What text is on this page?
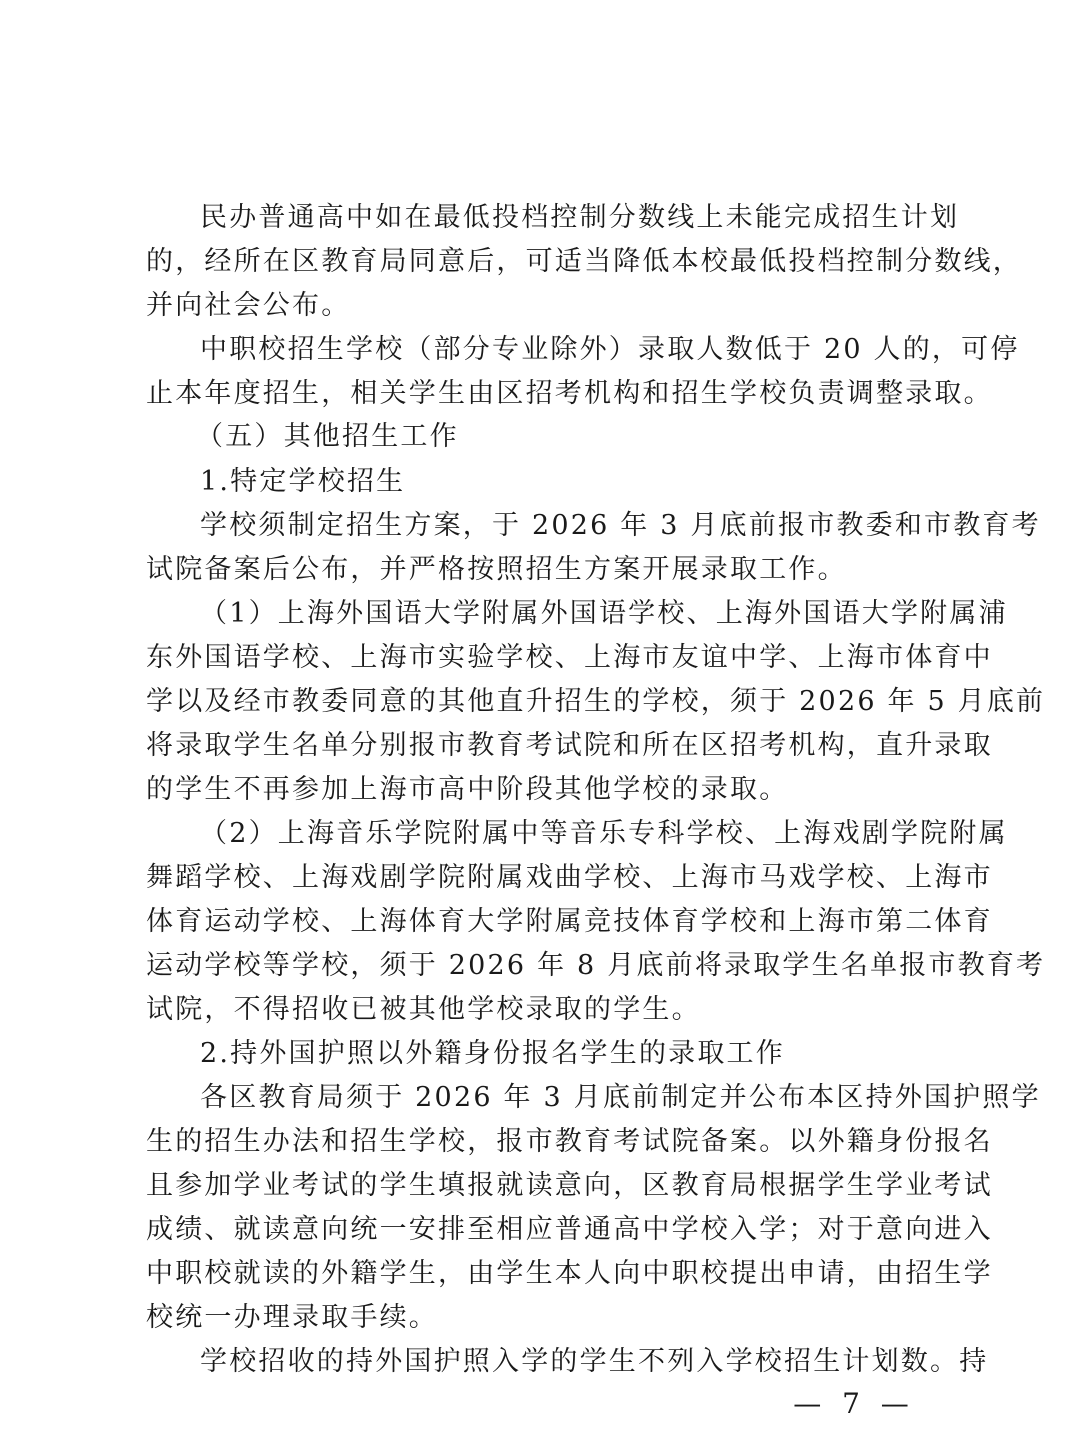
民办普通高中如在最低投档控制分数线上未能完成招生计划
的，经所在区教育局同意后，可适当降低本校最低投档控制分数线，
并向社会公布。
中职校招生学校（部分专业除外）录取人数低于 20 人的，可停
止本年度招生，相关学生由区招考机构和招生学校负责调整录取。
（五）其他招生工作
1.特定学校招生
学校须制定招生方案，于 2026 年 3 月底前报市教委和市教育考
试院备案后公布，并严格按照招生方案开展录取工作。
（1）上海外国语大学附属外国语学校、上海外国语大学附属浦
东外国语学校、上海市实验学校、上海市友谊中学、上海市体育中
学以及经市教委同意的其他直升招生的学校，须于 2026 年 5 月底前
将录取学生名单分别报市教育考试院和所在区招考机构，直升录取
的学生不再参加上海市高中阶段其他学校的录取。
（2）上海音乐学院附属中等音乐专科学校、上海戏剧学院附属
舞蹈学校、上海戏剧学院附属戏曲学校、上海市马戏学校、上海市
体育运动学校、上海体育大学附属竞技体育学校和上海市第二体育
运动学校等学校，须于 2026 年 8 月底前将录取学生名单报市教育考
试院，不得招收已被其他学校录取的学生。
2.持外国护照以外籍身份报名学生的录取工作
各区教育局须于 2026 年 3 月底前制定并公布本区持外国护照学
生的招生办法和招生学校，报市教育考试院备案。以外籍身份报名
且参加学业考试的学生填报就读意向，区教育局根据学生学业考试
成绩、就读意向统一安排至相应普通高中学校入学；对于意向进入
中职校就读的外籍学生，由学生本人向中职校提出申请，由招生学
校统一办理录取手续。
学校招收的持外国护照入学的学生不列入学校招生计划数。持
— 7 —
